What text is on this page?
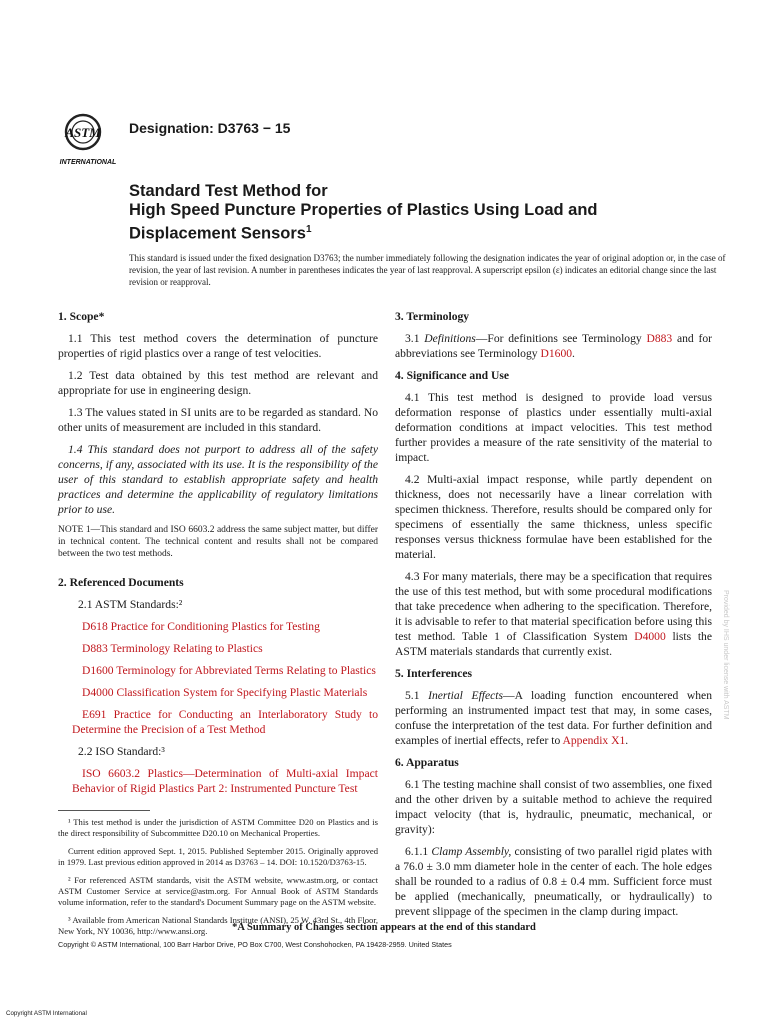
ASTM
INTERNATIONAL
Designation: D3763 − 15
Standard Test Method for
High Speed Puncture Properties of Plastics Using Load and
Displacement Sensors$^1$
This standard is issued under the fixed designation D3763; the number immediately following the designation indicates the year of original adoption or, in the case of revision, the year of last revision. A number in parentheses indicates the year of last reapproval. A superscript epsilon (ε) indicates an editorial change since the last revision or reapproval.
1. Scope*

1.1 This test method covers the determination of puncture properties of rigid plastics over a range of test velocities.

1.2 Test data obtained by this test method are relevant and appropriate for use in engineering design.

1.3 The values stated in SI units are to be regarded as standard. No other units of measurement are included in this standard.

1.4 This standard does not purport to address all of the safety concerns, if any, associated with its use. It is the responsibility of the user of this standard to establish appropriate safety and health practices and determine the applicability of regulatory limitations prior to use.

NOTE 1—This standard and ISO 6603.2 address the same subject matter, but differ in technical content. The technical content and results shall not be compared between the two test methods.
2. Referenced Documents

2.1 ASTM Standards:²

D618 Practice for Conditioning Plastics for Testing

D883 Terminology Relating to Plastics

D1600 Terminology for Abbreviated Terms Relating to Plastics

D4000 Classification System for Specifying Plastic Materials

E691 Practice for Conducting an Interlaboratory Study to Determine the Precision of a Test Method

2.2 ISO Standard:³

ISO 6603.2 Plastics—Determination of Multi-axial Impact Behavior of Rigid Plastics Part 2: Instrumented Puncture Test

¹ This test method is under the jurisdiction of ASTM Committee D20 on Plastics and is the direct responsibility of Subcommittee D20.10 on Mechanical Properties.

Current edition approved Sept. 1, 2015. Published September 2015. Originally approved in 1979. Last previous edition approved in 2014 as D3763 – 14. DOI: 10.1520/D3763-15.

² For referenced ASTM standards, visit the ASTM website, www.astm.org, or contact ASTM Customer Service at service@astm.org. For Annual Book of ASTM Standards volume information, refer to the standard's Document Summary page on the ASTM website.

³ Available from American National Standards Institute (ANSI), 25 W. 43rd St., 4th Floor, New York, NY 10036, http://www.ansi.org.

3. Terminology

3.1 Definitions—For definitions see Terminology D883 and for abbreviations see Terminology D1600.

4. Significance and Use

4.1 This test method is designed to provide load versus deformation response of plastics under essentially multi-axial deformation conditions at impact velocities. This test method further provides a measure of the rate sensitivity of the material to impact.

4.2 Multi-axial impact response, while partly dependent on thickness, does not necessarily have a linear correlation with specimen thickness. Therefore, results should be compared only for specimens of essentially the same thickness, unless specific responses versus thickness formulae have been established for the material.

4.3 For many materials, there may be a specification that requires the use of this test method, but with some procedural modifications that take precedence when adhering to the specification. Therefore, it is advisable to refer to that material specification before using this test method. Table 1 of Classification System D4000 lists the ASTM materials standards that currently exist.

5. Interferences

5.1 Inertial Effects—A loading function encountered when performing an instrumented impact test that may, in some cases, confuse the interpretation of the test data. For further definition and examples of inertial effects, refer to Appendix X1.

6. Apparatus

6.1 The testing machine shall consist of two assemblies, one fixed and the other driven by a suitable method to achieve the required impact velocity (that is, hydraulic, pneumatic, mechanical, or gravity):

6.1.1 Clamp Assembly, consisting of two parallel rigid plates with a 76.0 ± 3.0 mm diameter hole in the center of each. The hole edges shall be rounded to a radius of 0.8 ± 0.4 mm. Sufficient force must be applied (mechanically, pneumatically, or hydraulically) to prevent slippage of the specimen in the clamp during impact.

Provided by IHS under license with ASTM
*A Summary of Changes section appears at the end of this standard
Copyright © ASTM International, 100 Barr Harbor Drive, PO Box C700, West Conshohocken, PA 19428-2959. United States
Copyright ASTM International
